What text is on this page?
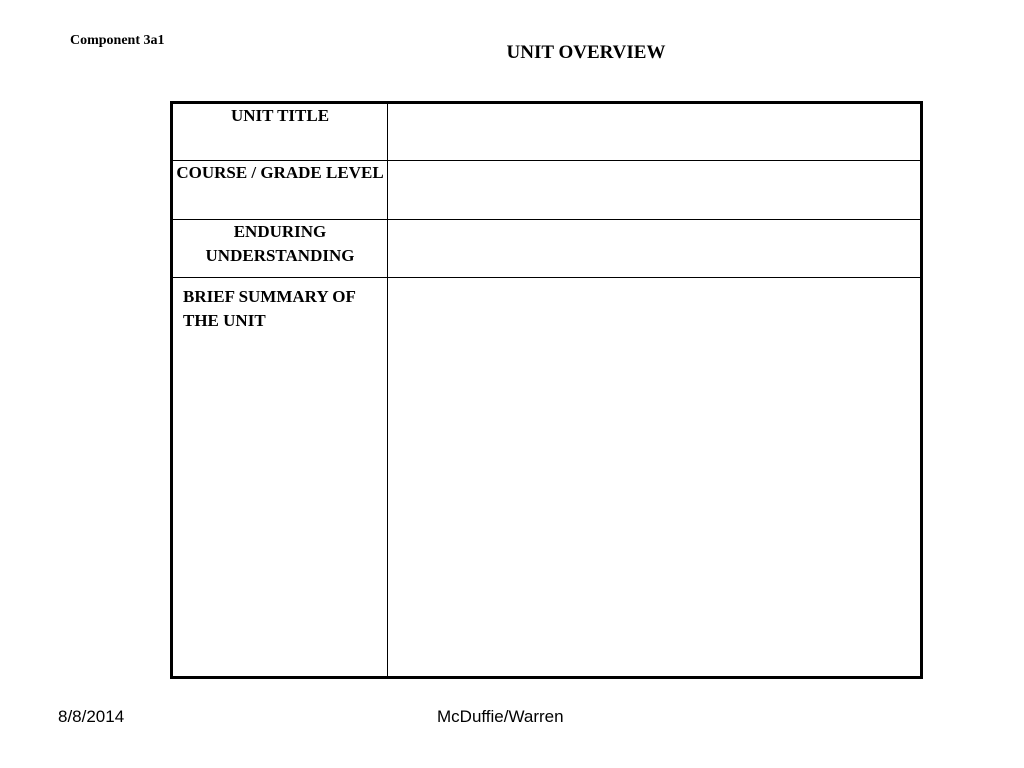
Component 3a1
UNIT OVERVIEW
UNIT TITLE	
COURSE / GRADE LEVEL	
ENDURING UNDERSTANDING	
BRIEF SUMMARY OF THE UNIT	
8/8/2014	McDuffie/Warren
